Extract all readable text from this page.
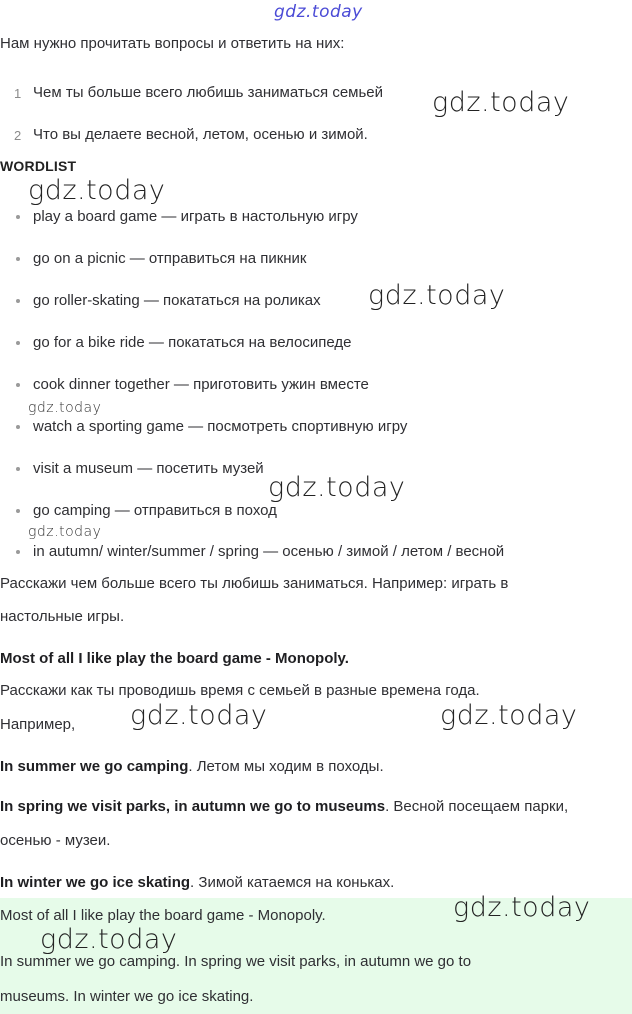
gdz.today
Нам нужно прочитать вопросы и ответить на них:
1 Чем ты больше всего любишь заниматься семьей
2 Что вы делаете весной, летом, осенью и зимой.
WORDLIST
play a board game — играть в настольную игру
go on a picnic — отправиться на пикник
go roller-skating — покататься на роликах
go for a bike ride — покататься на велосипеде
cook dinner together — приготовить ужин вместе
watch a sporting game — посмотреть спортивную игру
visit a museum — посетить музей
go camping — отправиться в поход
in autumn/ winter/summer / spring — осенью / зимой / летом / весной
Расскажи чем больше всего ты любишь заниматься. Например: играть в
настольные игры.
Most of all I like play the board game - Monopoly.
Расскажи как ты проводишь время с семьей в разные времена года.
Например,
In summer we go camping. Летом мы ходим в походы.
In spring we visit parks, in autumn we go to museums. Весной посещаем парки,
осенью - музеи.
In winter we go ice skating. Зимой катаемся на коньках.
Most of all I like play the board game - Monopoly.
In summer we go camping. In spring we visit parks, in autumn we go to
museums. In winter we go ice skating.
gdz.today
gdz.today
gdz.today
gdz.today
gdz.today
gdz.today
gdz.today	gdz.today
gdz.today
gdz.today
